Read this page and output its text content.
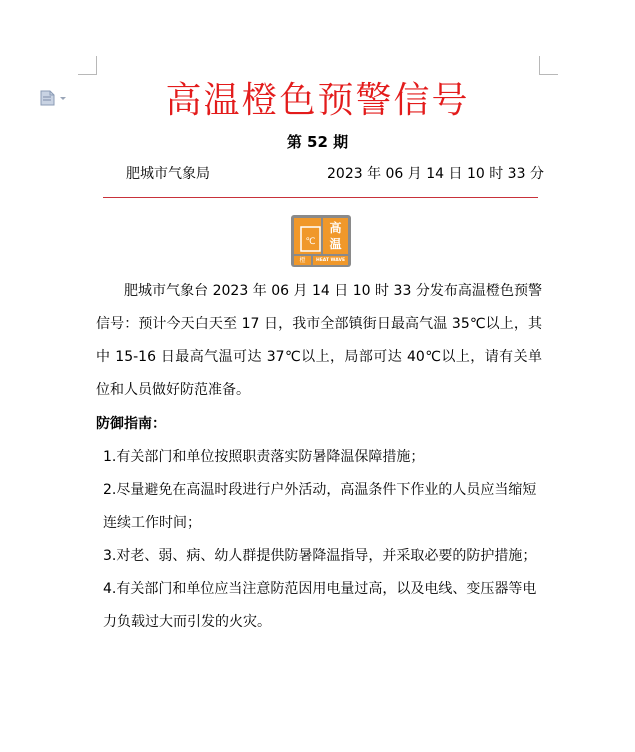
高温橙色预警信号
第 52 期
肥城市气象局	2023 年 06 月 14 日 10 时 33 分
℃
高
温
橙	HEAT WAVE
肥城市气象台 2023 年 06 月 14 日 10 时 33 分发布高温橙色预警信号：预计今天白天至 17 日，我市全部镇街日最高气温 35℃以上，其中 15-16 日最高气温可达 37℃以上，局部可达 40℃以上，请有关单位和人员做好防范准备。
防御指南：

1.有关部门和单位按照职责落实防暑降温保障措施；

2.尽量避免在高温时段进行户外活动，高温条件下作业的人员应当缩短连续工作时间；

3.对老、弱、病、幼人群提供防暑降温指导，并采取必要的防护措施；

4.有关部门和单位应当注意防范因用电量过高，以及电线、变压器等电力负载过大而引发的火灾。
